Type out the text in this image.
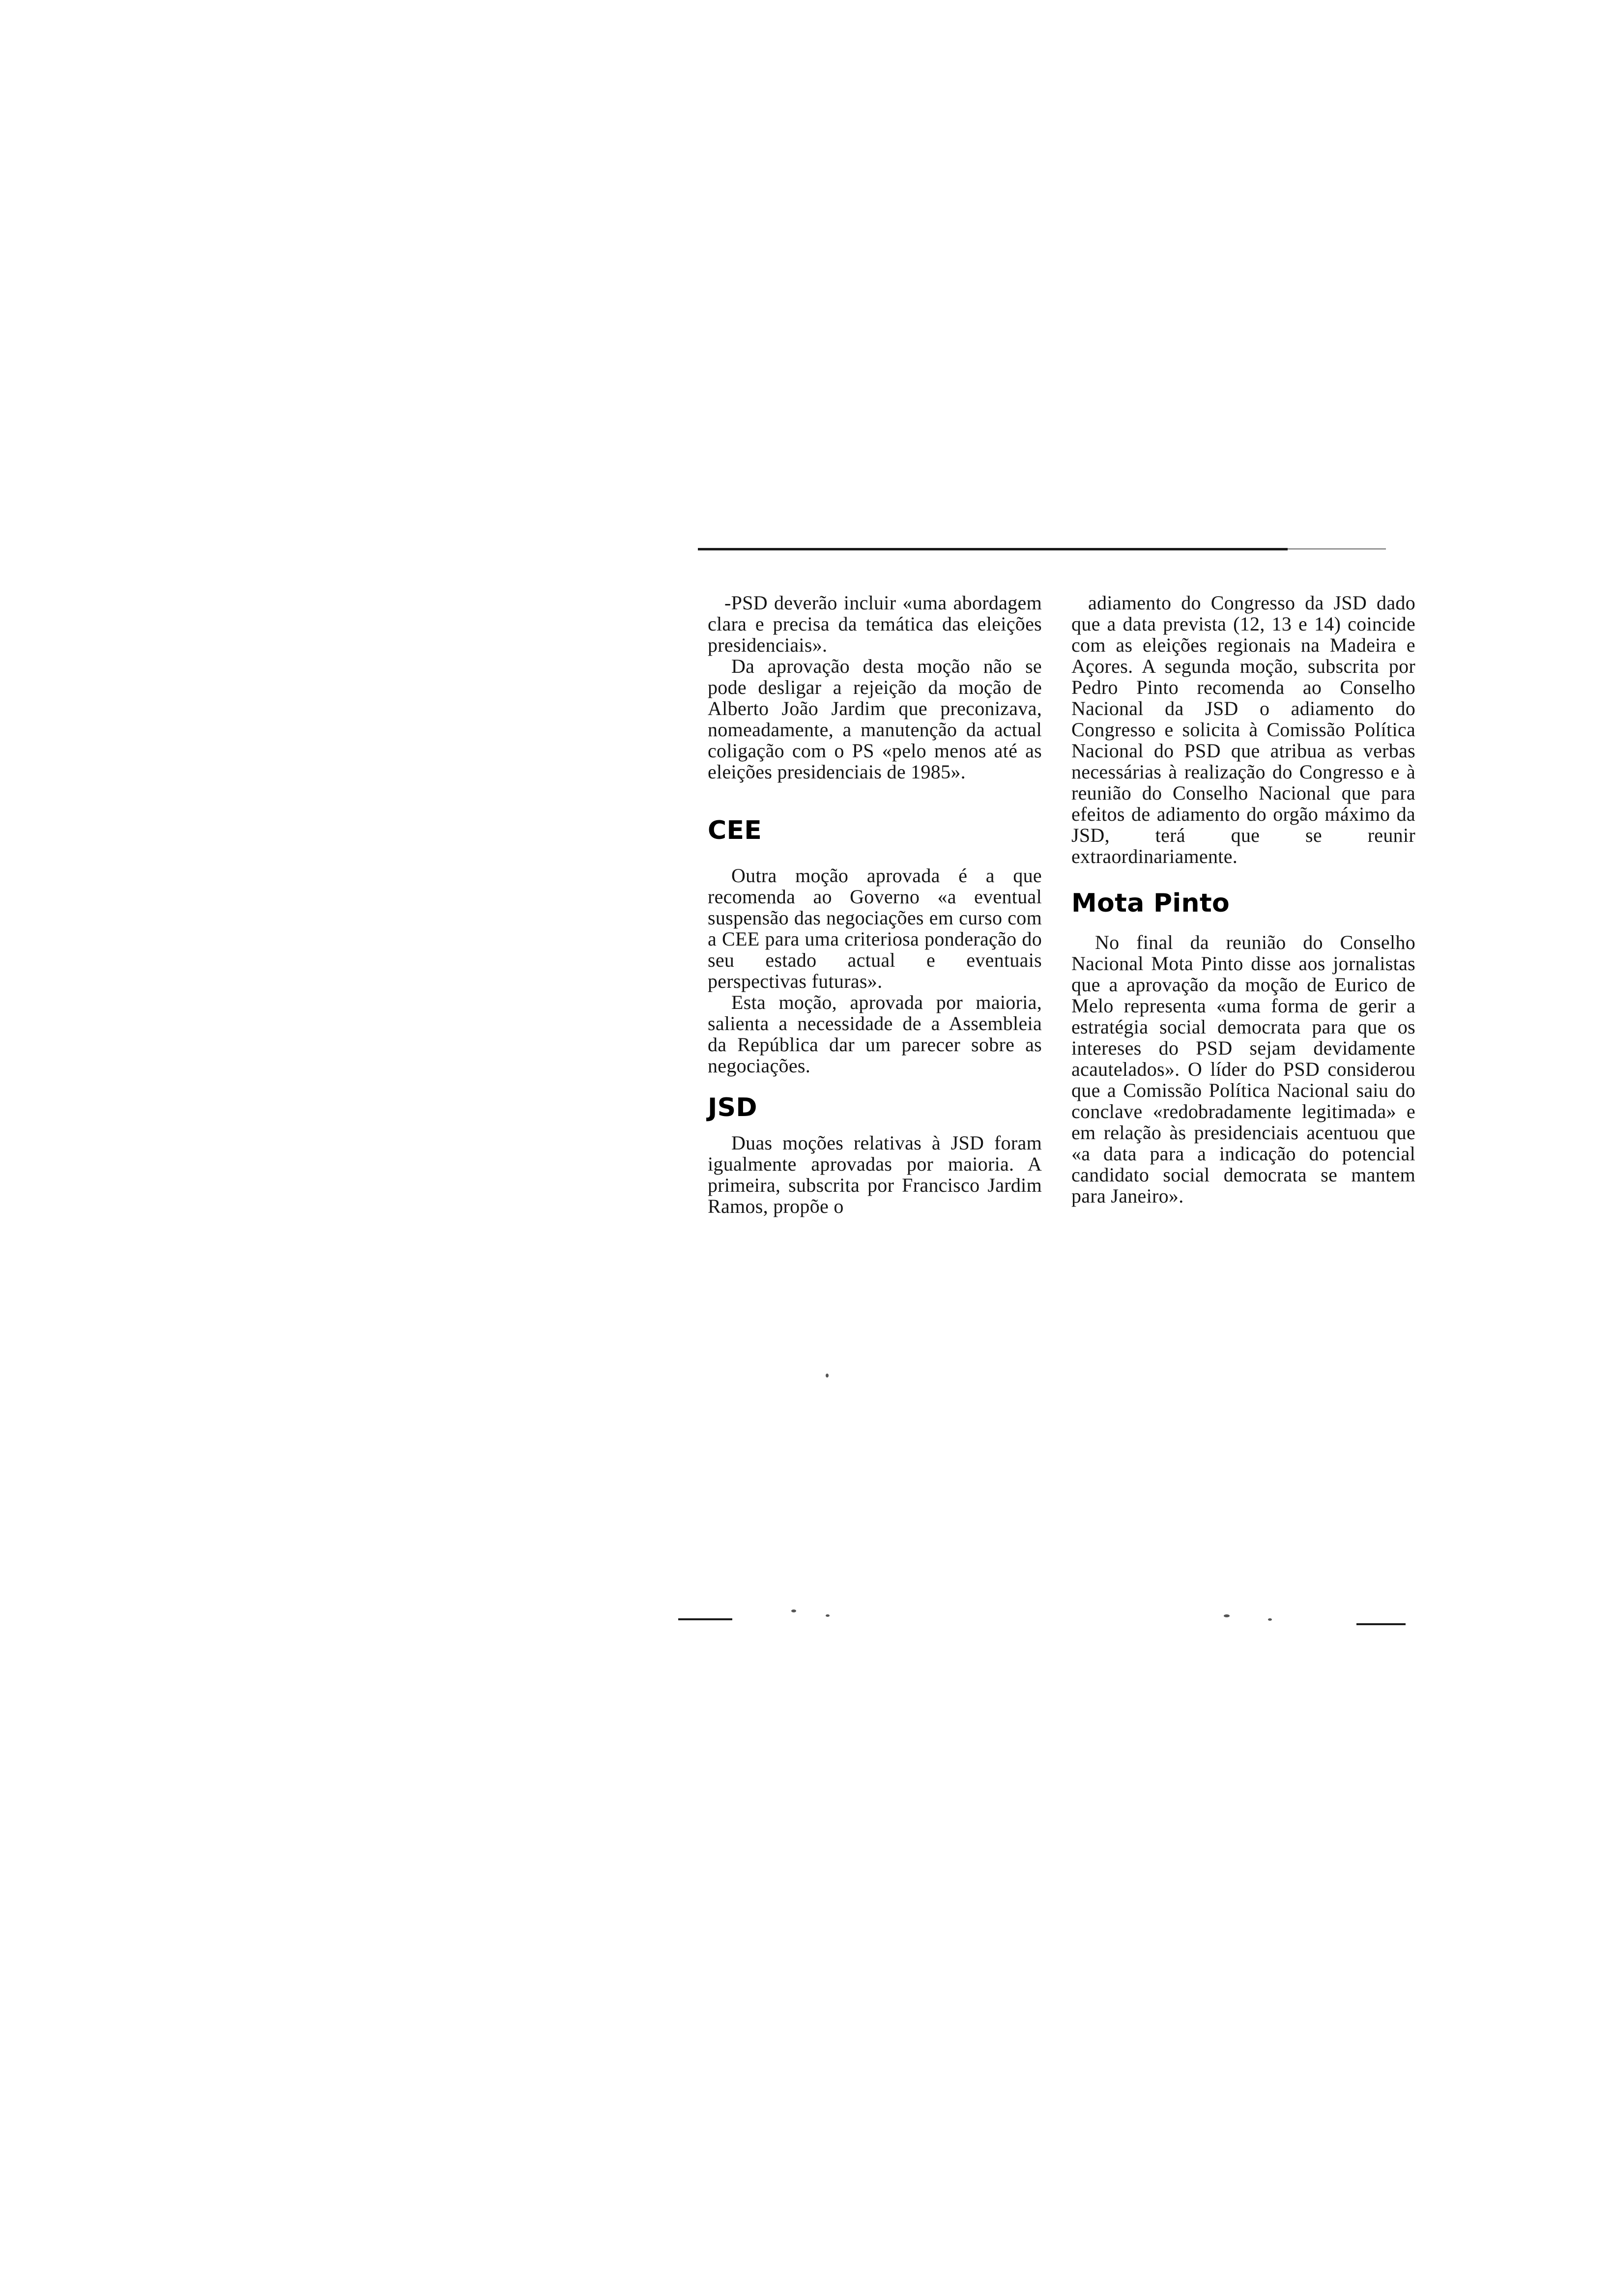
-PSD deverão incluir «uma abordagem clara e precisa da temática das eleições presidenciais».

Da aprovação desta moção não se pode desligar a rejeição da moção de Alberto João Jardim que preconizava, nomeadamente, a manutenção da actual coligação com o PS «pelo menos até as eleições presidenciais de 1985».

CEE

Outra moção aprovada é a que recomenda ao Governo «a eventual suspensão das negociações em curso com a CEE para uma criteriosa ponderação do seu estado actual e eventuais perspectivas futuras».

Esta moção, aprovada por maioria, salienta a necessidade de a Assembleia da República dar um parecer sobre as negociações.

JSD

Duas moções relativas à JSD foram igualmente aprovadas por maioria. A primeira, subscrita por Francisco Jardim Ramos, propõe o

adiamento do Congresso da JSD dado que a data prevista (12, 13 e 14) coincide com as eleições regionais na Madeira e Açores. A segunda moção, subscrita por Pedro Pinto recomenda ao Conselho Nacional da JSD o adiamento do Congresso e solicita à Comissão Política Nacional do PSD que atribua as verbas necessárias à realização do Congresso e à reunião do Conselho Nacional que para efeitos de adiamento do orgão máximo da JSD, terá que se reunir extraordinariamente.

Mota Pinto

No final da reunião do Conselho Nacional Mota Pinto disse aos jornalistas que a aprovação da moção de Eurico de Melo representa «uma forma de gerir a estratégia social democrata para que os intereses do PSD sejam devidamente acautelados». O líder do PSD considerou que a Comissão Política Nacional saiu do conclave «redobradamente legitimada» e em relação às presidenciais acentuou que «a data para a indicação do potencial candidato social democrata se mantem para Janeiro».
